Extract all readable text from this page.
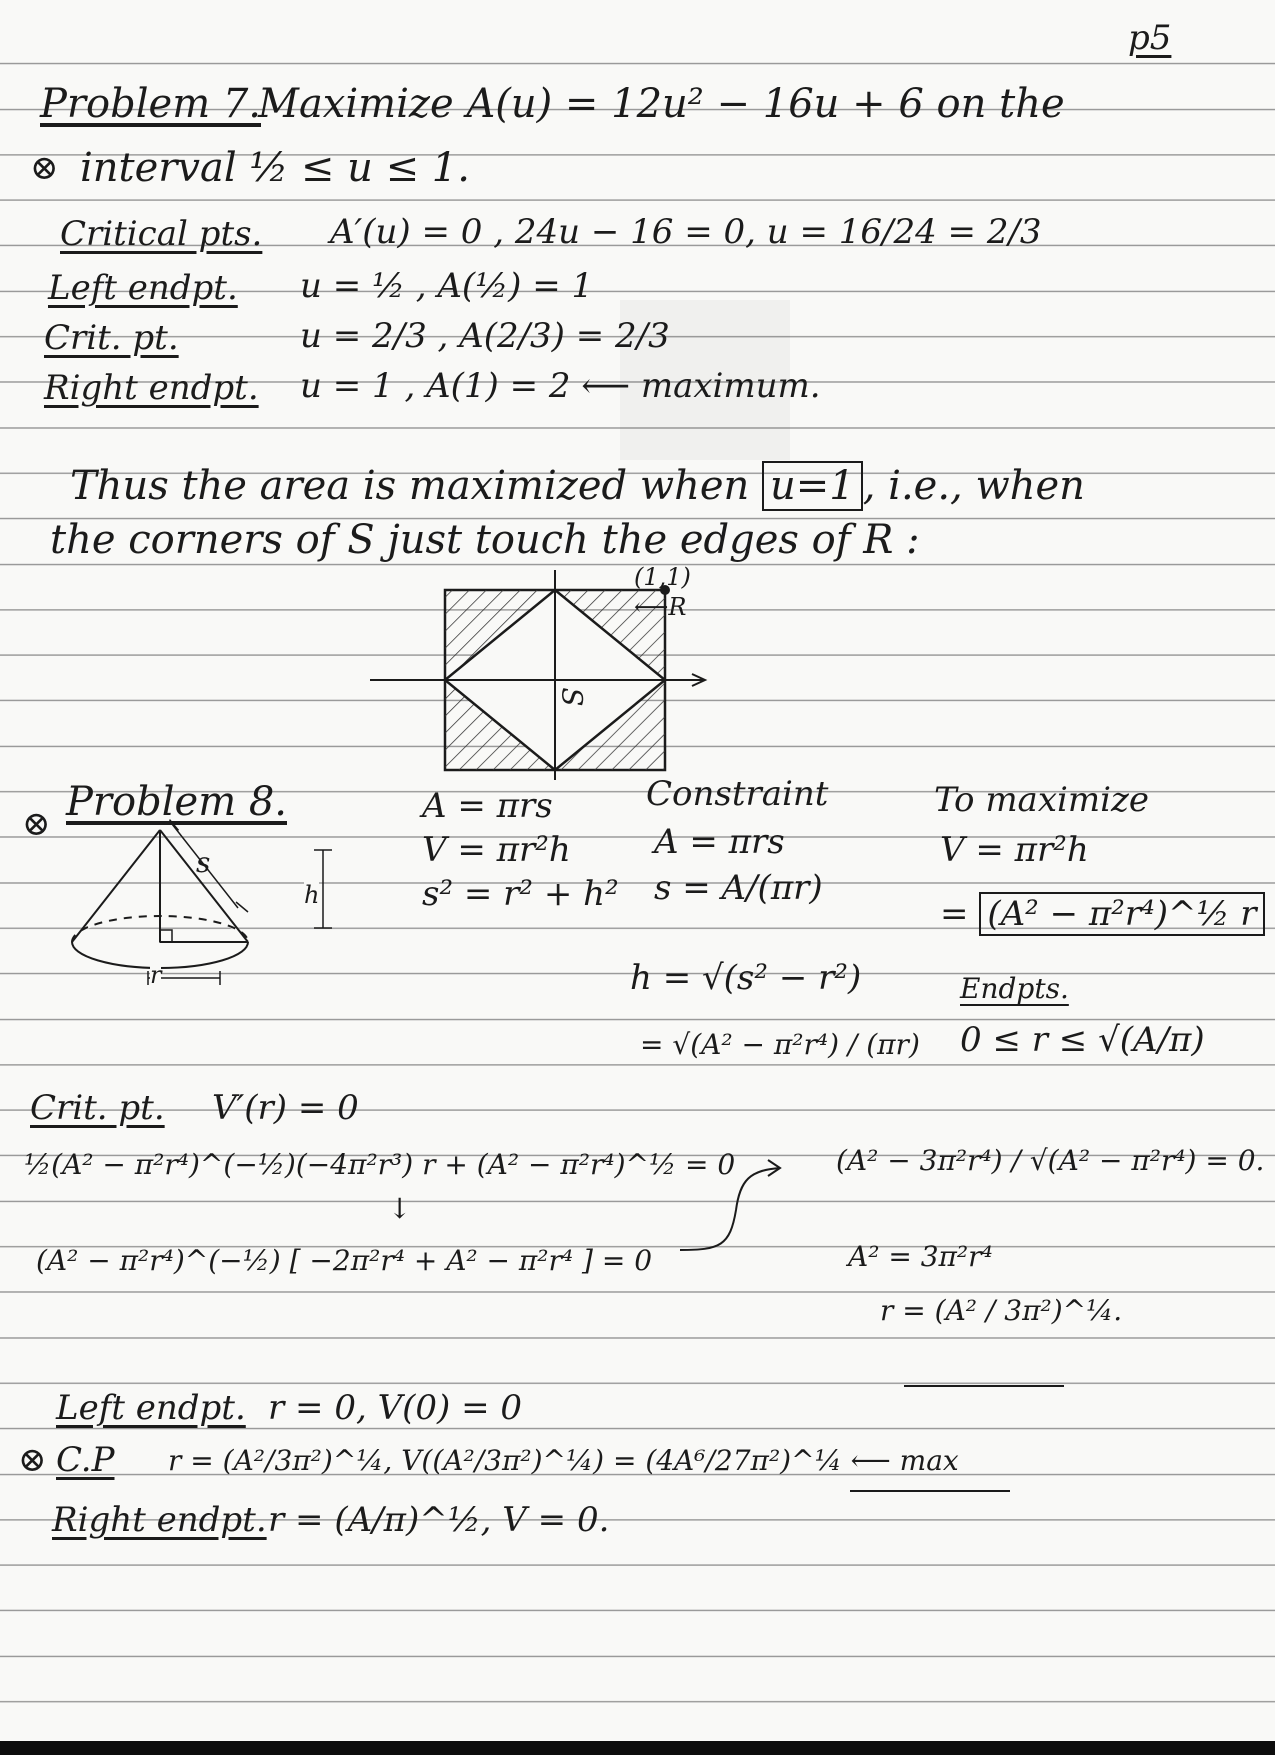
p5
Problem 7.
Maximize A(u) = 12u² − 16u + 6 on the
⊗ interval ½ ≤ u ≤ 1.
Critical pts. A′(u) = 0 , 24u − 16 = 0, u = 16/24 = 2/3
Left endpt. u = ½ , A(½) = 1
Crit. pt.	u = 2/3 , A(2/3) = 2/3
Right endpt. u = 1 , A(1) = 2 ⟵ maximum.
Thus the area is maximized when u=1 , i.e., when
the corners of S just touch the edges of R :
(1,1)
⟵R
S
⊗ Problem 8.
s
h
r
A = πrs
V = πr²h
s² = r² + h²
Constraint
A = πrs
s = A/(πr)
h = √(s² − r²)
= √(A² − π²r⁴) / (πr)
To maximize
V = πr²h
= (A² − π²r⁴)^½ r
Endpts.
0 ≤ r ≤ √(A/π)
Crit. pt. V′(r) = 0
½(A² − π²r⁴)^(−½)(−4π²r³) r + (A² − π²r⁴)^½ = 0
↓
(A² − π²r⁴)^(−½) [ −2π²r⁴ + A² − π²r⁴ ] = 0
(A² − 3π²r⁴) / √(A² − π²r⁴) = 0.
A² = 3π²r⁴
r = (A² / 3π²)^¼.
Left endpt. r = 0, V(0) = 0
⊗ C.P r = (A²/3π²)^¼, V((A²/3π²)^¼) = (4A⁶/27π²)^¼ ⟵ max
Right endpt. r = (A/π)^½, V = 0.
